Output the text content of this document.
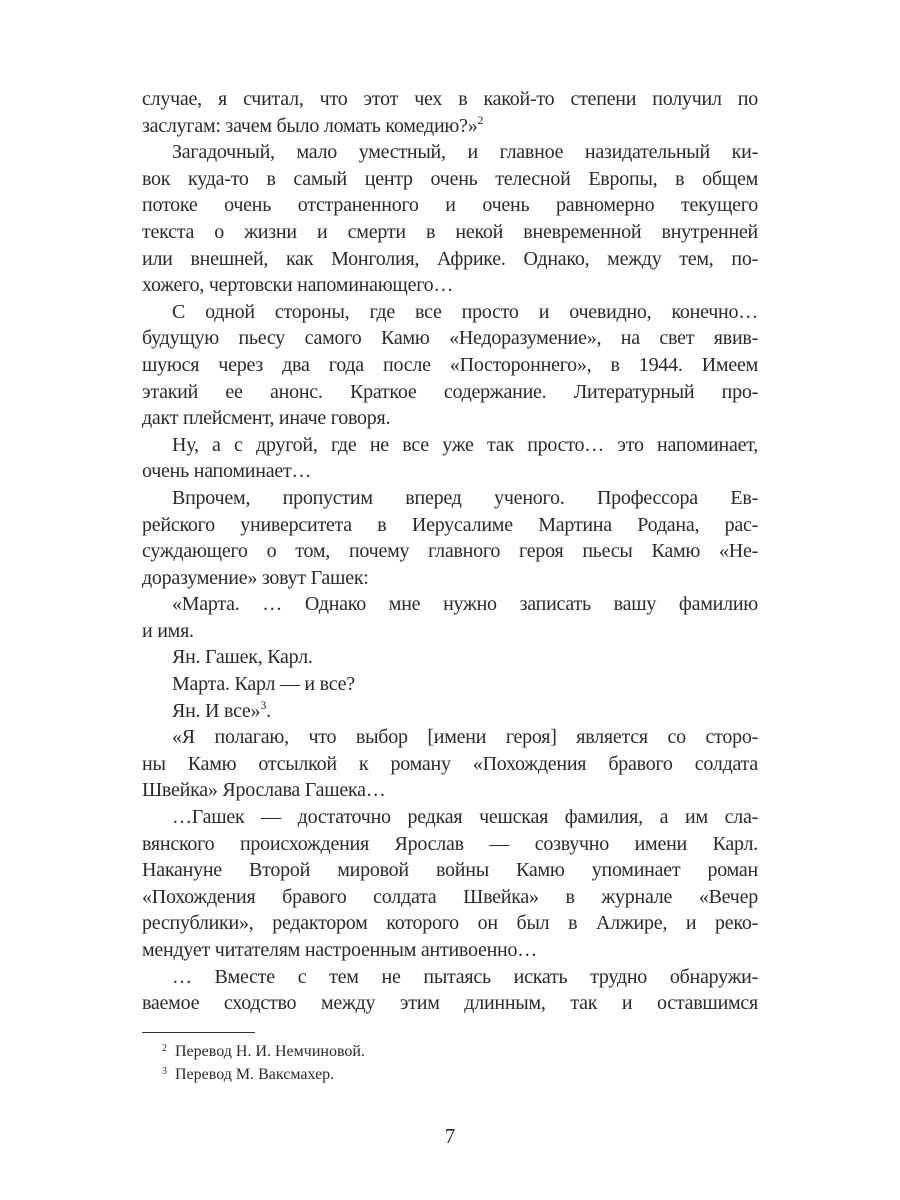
случае, я считал, что этот чех в какой-то степени получил по
заслугам: зачем было ломать комедию?»$^2$
Загадочный, мало уместный, и главное назидательный ки-
вок куда-то в самый центр очень телесной Европы, в общем
потоке очень отстраненного и очень равномерно текущего
текста о жизни и смерти в некой вневременной внутренней
или внешней, как Монголия, Африке. Однако, между тем, по-
хожего, чертовски напоминающего…
С одной стороны, где все просто и очевидно, конечно…
будущую пьесу самого Камю «Недоразумение», на свет явив-
шуюся через два года после «Постороннего», в 1944. Имеем
этакий ее анонс. Краткое содержание. Литературный про-
дакт плейсмент, иначе говоря.
Ну, а с другой, где не все уже так просто… это напоминает,
очень напоминает…
Впрочем, пропустим вперед ученого. Профессора Ев-
рейского университета в Иерусалиме Мартина Родана, рас-
суждающего о том, почему главного героя пьесы Камю «Не-
доразумение» зовут Гашек:
«Марта. … Однако мне нужно записать вашу фамилию
и имя.
Ян. Гашек, Карл.
Марта. Карл — и все?
Ян. И все»$^3$.
«Я полагаю, что выбор [имени героя] является со сторо-
ны Камю отсылкой к роману «Похождения бравого солдата
Швейка» Ярослава Гашека…
…Гашек — достаточно редкая чешская фамилия, а им сла-
вянского происхождения Ярослав — созвучно имени Карл.
Накануне Второй мировой войны Камю упоминает роман
«Похождения бравого солдата Швейка» в журнале «Вечер
республики», редактором которого он был в Алжире, и реко-
мендует читателям настроенным антивоенно…
… Вместе с тем не пытаясь искать трудно обнаружи-
ваемое сходство между этим длинным, так и оставшимся
$^2$ Перевод Н. И. Немчиновой.
$^3$ Перевод М. Ваксмахер.
7
